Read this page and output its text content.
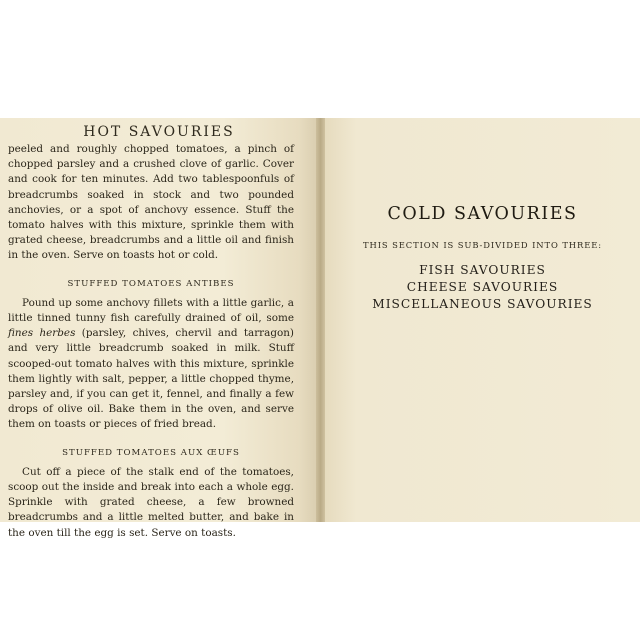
HOT SAVOURIES

peeled and roughly chopped tomatoes, a pinch of chopped parsley and a crushed clove of garlic. Cover and cook for ten minutes. Add two tablespoonfuls of breadcrumbs soaked in stock and two pounded anchovies, or a spot of anchovy essence. Stuff the tomato halves with this mixture, sprinkle them with grated cheese, breadcrumbs and a little oil and finish in the oven. Serve on toasts hot or cold.

STUFFED TOMATOES ANTIBES

Pound up some anchovy fillets with a little garlic, a little tinned tunny fish carefully drained of oil, some fines herbes (parsley, chives, chervil and tarragon) and very little breadcrumb soaked in milk. Stuff scooped-out tomato halves with this mixture, sprinkle them lightly with salt, pepper, a little chopped thyme, parsley and, if you can get it, fennel, and finally a few drops of olive oil. Bake them in the oven, and serve them on toasts or pieces of fried bread.

STUFFED TOMATOES AUX ŒUFS

Cut off a piece of the stalk end of the tomatoes, scoop out the inside and break into each a whole egg. Sprinkle with grated cheese, a few browned breadcrumbs and a little melted butter, and bake in the oven till the egg is set. Serve on toasts.

COLD SAVOURIES
THIS SECTION IS SUB-DIVIDED INTO THREE:
FISH SAVOURIES
CHEESE SAVOURIES
MISCELLANEOUS SAVOURIES
